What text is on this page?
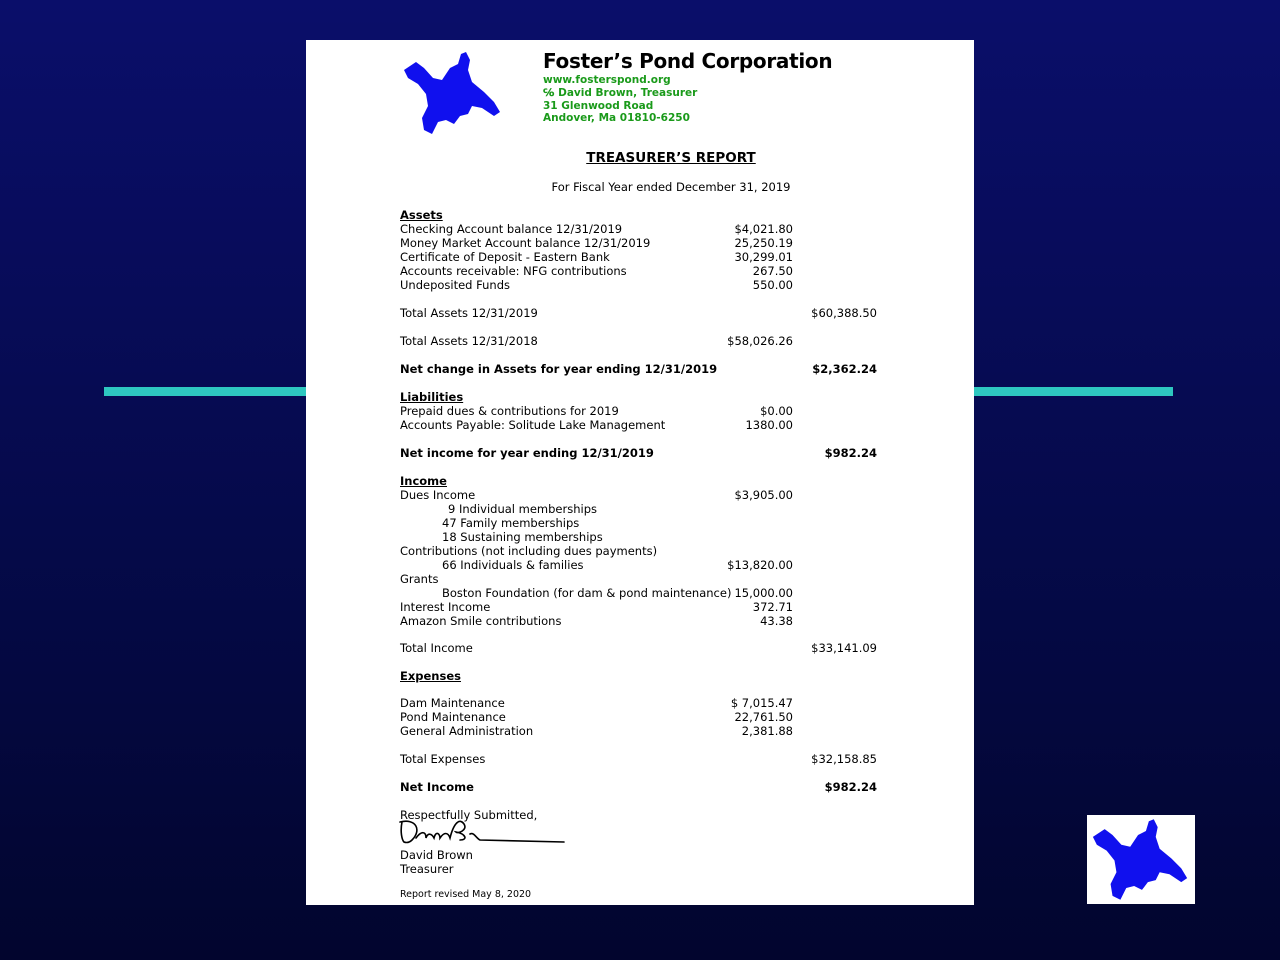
Foster’s Pond Corporation
www.fosterspond.org
℅ David Brown, Treasurer
31 Glenwood Road
Andover, Ma 01810-6250
TREASURER’S REPORT
For Fiscal Year ended December 31, 2019
Assets
Checking Account balance 12/31/2019	$4,021.80
Money Market Account balance 12/31/2019	25,250.19
Certificate of Deposit - Eastern Bank	30,299.01
Accounts receivable: NFG contributions	267.50
Undeposited Funds	550.00
Total Assets 12/31/2019	$60,388.50
Total Assets 12/31/2018	$58,026.26
Net change in Assets for year ending 12/31/2019	$2,362.24
Liabilities
Prepaid dues & contributions for 2019	$0.00
Accounts Payable: Solitude Lake Management	1380.00
Net income for year ending 12/31/2019	$982.24
Income
Dues Income	$3,905.00
9 Individual memberships
47 Family memberships
18 Sustaining memberships
Contributions (not including dues payments)
66 Individuals & families	$13,820.00
Grants
Boston Foundation (for dam & pond maintenance) 15,000.00
Interest Income	372.71
Amazon Smile contributions	43.38
Total Income	$33,141.09
Expenses
Dam Maintenance	$ 7,015.47
Pond Maintenance	22,761.50
General Administration	2,381.88
Total Expenses	$32,158.85
Net Income	$982.24
Respectfully Submitted,
David Brown
Treasurer
Report revised May 8, 2020
